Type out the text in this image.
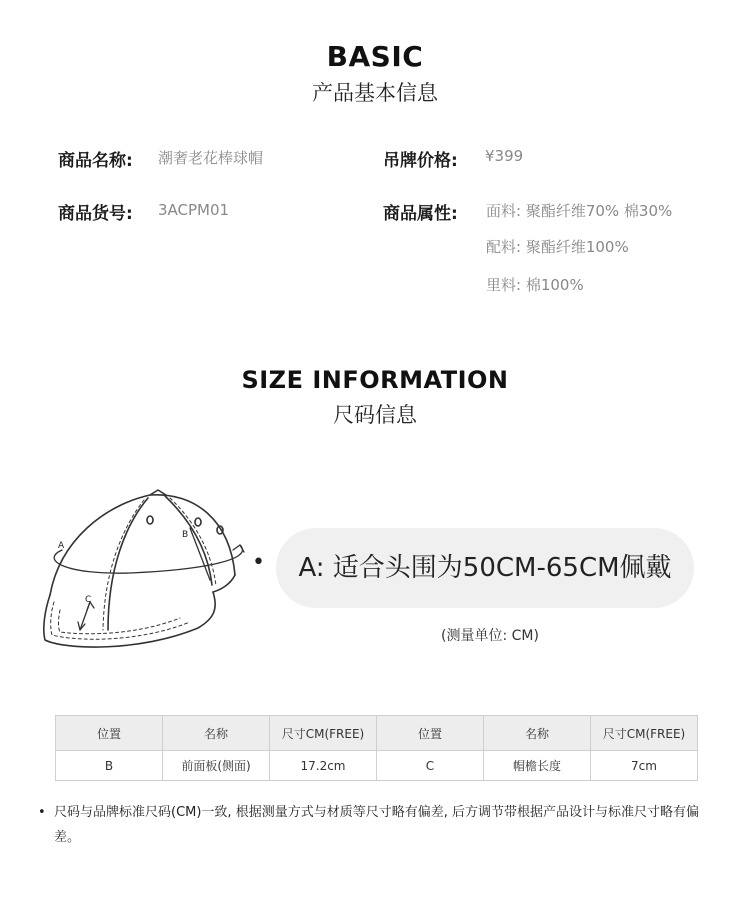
BASIC
产品基本信息
商品名称: 潮奢老花棒球帽	吊牌价格: ¥399
商品货号: 3ACPM01	商品属性: 面料: 聚酯纤维70% 棉30%
配料: 聚酯纤维100%
里料: 棉100%
SIZE INFORMATION
尺码信息
A
B
C
•	A: 适合头围为50CM-65CM佩戴
(测量单位: CM)
位置	名称	尺寸CM(FREE)	位置	名称	尺寸CM(FREE)
B	前面板(侧面)	17.2cm	C	帽檐长度	7cm
• 尺码与品牌标准尺码(CM)一致, 根据测量方式与材质等尺寸略有偏差, 后方调节带根据产品设计与标准尺寸略有偏差。
